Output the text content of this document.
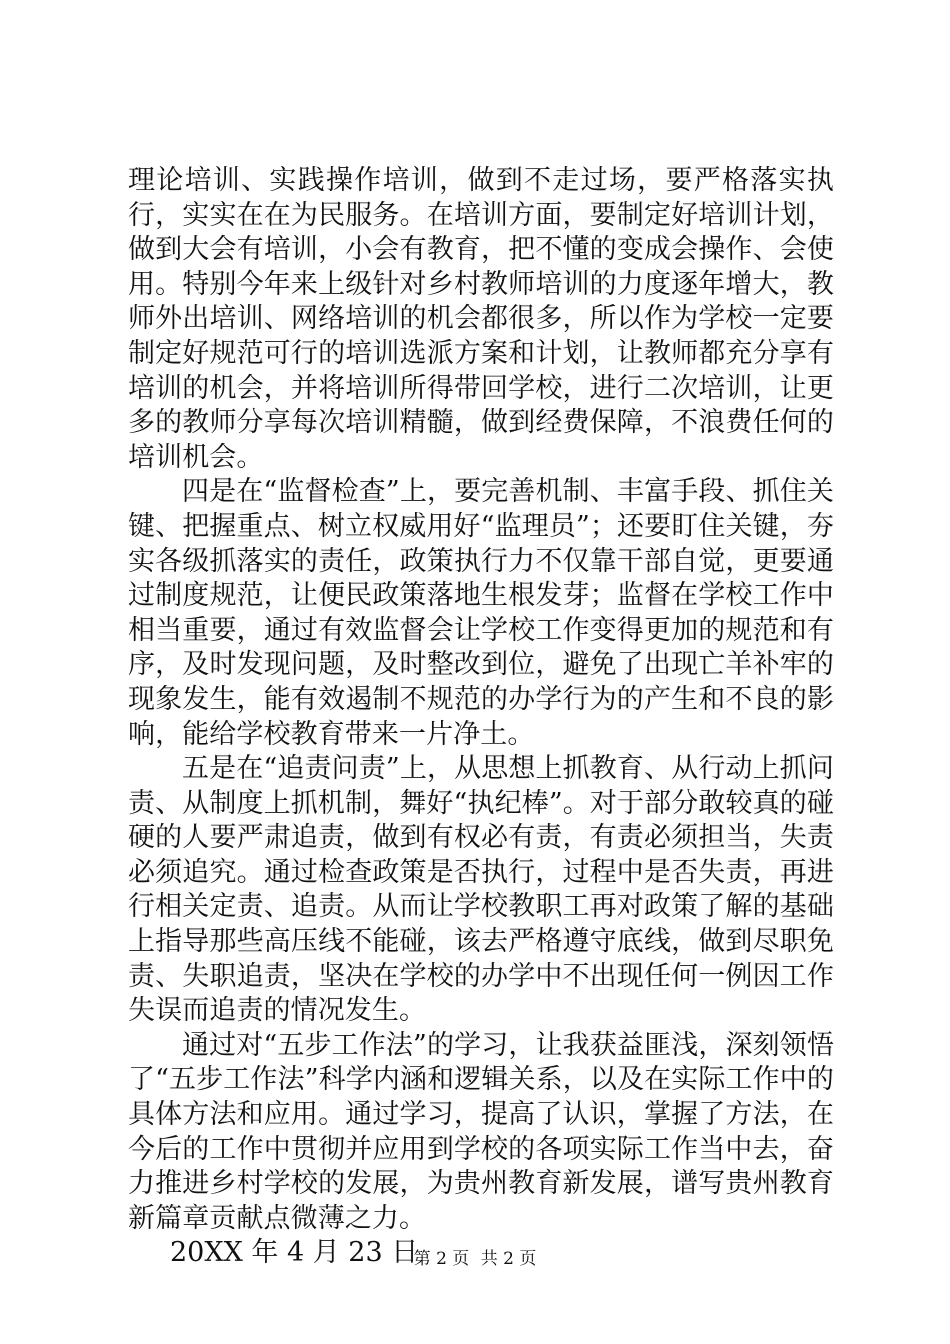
理论培训、实践操作培训，做到不走过场，要严格落实执行，实实在在为民服务。在培训方面，要制定好培训计划，做到大会有培训，小会有教育，把不懂的变成会操作、会使用。特别今年来上级针对乡村教师培训的力度逐年增大，教师外出培训、网络培训的机会都很多，所以作为学校一定要制定好规范可行的培训选派方案和计划，让教师都充分享有培训的机会，并将培训所得带回学校，进行二次培训，让更多的教师分享每次培训精髓，做到经费保障，不浪费任何的培训机会。

四是在“监督检查”上，要完善机制、丰富手段、抓住关键、把握重点、树立权威用好“监理员”；还要盯住关键，夯实各级抓落实的责任，政策执行力不仅靠干部自觉，更要通过制度规范，让便民政策落地生根发芽；监督在学校工作中相当重要，通过有效监督会让学校工作变得更加的规范和有序，及时发现问题，及时整改到位，避免了出现亡羊补牢的现象发生，能有效遏制不规范的办学行为的产生和不良的影响，能给学校教育带来一片净土。

五是在“追责问责”上，从思想上抓教育、从行动上抓问责、从制度上抓机制，舞好“执纪棒”。对于部分敢较真的碰硬的人要严肃追责，做到有权必有责，有责必须担当，失责必须追究。通过检查政策是否执行，过程中是否失责，再进行相关定责、追责。从而让学校教职工再对政策了解的基础上指导那些高压线不能碰，该去严格遵守底线，做到尽职免责、失职追责，坚决在学校的办学中不出现任何一例因工作失误而追责的情况发生。

通过对“五步工作法”的学习，让我获益匪浅，深刻领悟了“五步工作法”科学内涵和逻辑关系，以及在实际工作中的具体方法和应用。通过学习，提高了认识，掌握了方法，在今后的工作中贯彻并应用到学校的各项实际工作当中去，奋力推进乡村学校的发展，为贵州教育新发展，谱写贵州教育新篇章贡献点微薄之力。

20XX 年 4 月 23 日

第 2 页 共 2 页
